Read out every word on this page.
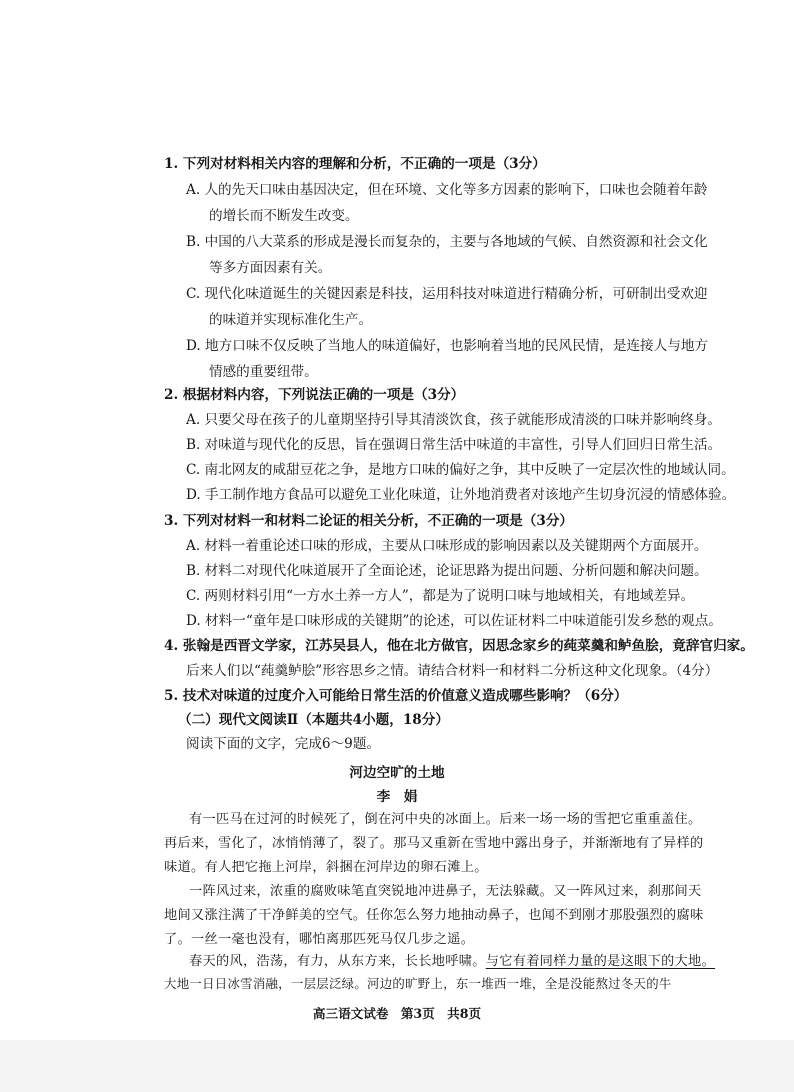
1. 下列对材料相关内容的理解和分析，不正确的一项是（3分）
A. 人的先天口味由基因决定，但在环境、文化等多方因素的影响下，口味也会随着年龄
的增长而不断发生改变。
B. 中国的八大菜系的形成是漫长而复杂的，主要与各地域的气候、自然资源和社会文化
等多方面因素有关。
C. 现代化味道诞生的关键因素是科技，运用科技对味道进行精确分析，可研制出受欢迎
的味道并实现标准化生产。
D. 地方口味不仅反映了当地人的味道偏好，也影响着当地的民风民情，是连接人与地方
情感的重要纽带。
2. 根据材料内容，下列说法正确的一项是（3分）
A. 只要父母在孩子的儿童期坚持引导其清淡饮食，孩子就能形成清淡的口味并影响终身。
B. 对味道与现代化的反思，旨在强调日常生活中味道的丰富性，引导人们回归日常生活。
C. 南北网友的咸甜豆花之争，是地方口味的偏好之争，其中反映了一定层次性的地域认同。
D. 手工制作地方食品可以避免工业化味道，让外地消费者对该地产生切身沉浸的情感体验。
3. 下列对材料一和材料二论证的相关分析，不正确的一项是（3分）
A. 材料一着重论述口味的形成，主要从口味形成的影响因素以及关键期两个方面展开。
B. 材料二对现代化味道展开了全面论述，论证思路为提出问题、分析问题和解决问题。
C. 两则材料引用“一方水土养一方人”，都是为了说明口味与地域相关，有地域差异。
D. 材料一“童年是口味形成的关键期”的论述，可以佐证材料二中味道能引发乡愁的观点。
4. 张翰是西晋文学家，江苏吴县人，他在北方做官，因思念家乡的莼菜羹和鲈鱼脍，竟辞官归家。
后来人们以“莼羹鲈脍”形容思乡之情。请结合材料一和材料二分析这种文化现象。（4分）
5. 技术对味道的过度介入可能给日常生活的价值意义造成哪些影响？（6分）
（二）现代文阅读Ⅱ（本题共4小题，18分）
阅读下面的文字，完成6～9题。
河边空旷的土地
李　娟
有一匹马在过河的时候死了，倒在河中央的冰面上。后来一场一场的雪把它重重盖住。
再后来，雪化了，冰悄悄薄了，裂了。那马又重新在雪地中露出身子，并渐渐地有了异样的
味道。有人把它拖上河岸，斜捆在河岸边的卵石滩上。
一阵风过来，浓重的腐败味笔直突锐地冲进鼻子，无法躲藏。又一阵风过来，刹那间天
地间又涨注满了干净鲜美的空气。任你怎么努力地抽动鼻子，也闻不到刚才那股强烈的腐味
了。一丝一毫也没有，哪怕离那匹死马仅几步之遥。
春天的风，浩荡，有力，从东方来，长长地呼啸。与它有着同样力量的是这眼下的大地。
大地一日日冰雪消融，一层层泛绿。河边的旷野上，东一堆西一堆，全是没能熬过冬天的牛
高三语文试卷 第3页 共8页
